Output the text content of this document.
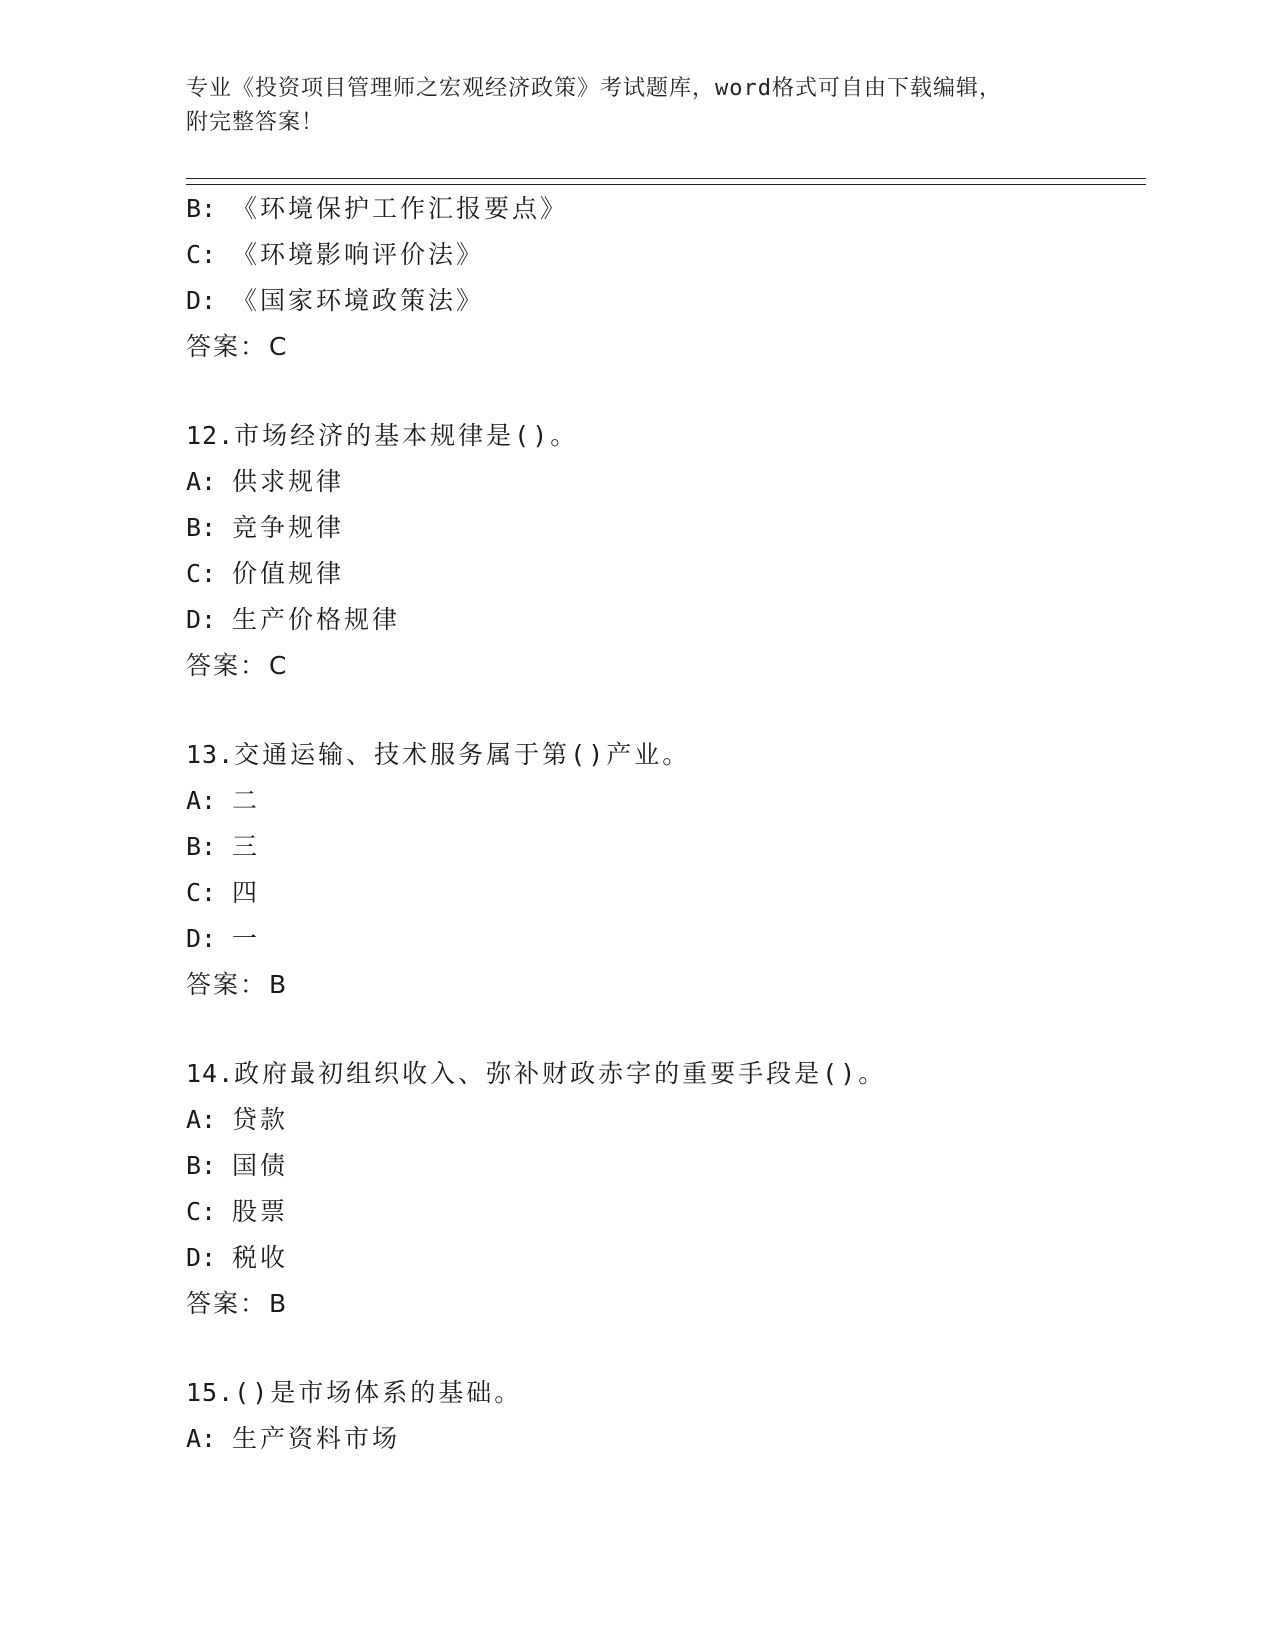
专业《投资项目管理师之宏观经济政策》考试题库，word格式可自由下载编辑，
附完整答案！
B: 《环境保护工作汇报要点》
C: 《环境影响评价法》
D: 《国家环境政策法》
答案：C
12.市场经济的基本规律是()。
A: 供求规律
B: 竞争规律
C: 价值规律
D: 生产价格规律
答案：C
13.交通运输、技术服务属于第()产业。
A: 二
B: 三
C: 四
D: 一
答案：B
14.政府最初组织收入、弥补财政赤字的重要手段是()。
A: 贷款
B: 国债
C: 股票
D: 税收
答案：B
15.()是市场体系的基础。
A: 生产资料市场
